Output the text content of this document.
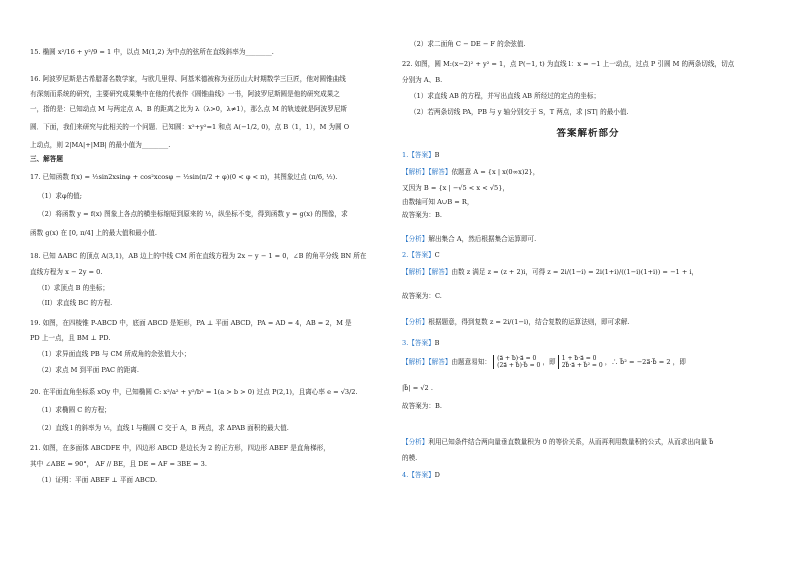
15. 椭圆 x²/16 + y²/9 = 1 中，以点 M(1,2) 为中点的弦所在直线斜率为________.
16. 阿波罗尼斯是古希腊著名数学家，与欧几里得、阿基米德被称为亚历山大时期数学三巨匠，他对圆锥曲线
有深刻而系统的研究，主要研究成果集中在他的代表作《圆锥曲线》一书，阿波罗尼斯圆是他的研究成果之
一，指的是：已知动点 M 与两定点 A、B 的距离之比为 λ（λ>0，λ≠1），那么点 M 的轨迹就是阿波罗尼斯
圆．下面，我们来研究与此相关的一个问题．已知圆：x²+y²=1 和点 A(−1/2, 0)，点 B（1，1），M 为圆 O
上动点，则 2|MA|+|MB| 的最小值为________.
三、解答题
17. 已知函数 f(x) = ½sin2xsinφ + cos²xcosφ − ½sin(π/2 + φ)(0 < φ < π)，其图象过点 (π/6, ½).
（1）求φ的值;
（2）将函数 y = f(x) 图象上各点的横坐标缩短到原来的 ½，纵坐标不变，得到函数 y = g(x) 的图像，求
函数 g(x) 在 [0, π/4] 上的最大值和最小值.
18. 已知 ΔABC 的顶点 A(3,1)，AB 边上的中线 CM 所在直线方程为 2x − y − 1 = 0，∠B 的角平分线 BN 所在
直线方程为 x − 2y = 0.
（I）求顶点 B 的坐标；
（II）求直线 BC 的方程.
19. 如图，在四棱锥 P-ABCD 中，底面 ABCD 是矩形，PA ⊥ 平面 ABCD，PA = AD = 4，AB = 2，M 是
PD 上一点，且 BM ⊥ PD.
（1）求异面直线 PB 与 CM 所成角的余弦值大小；
（2）求点 M 到平面 PAC 的距离.
20. 在平面直角坐标系 xOy 中，已知椭圆 C: x²/a² + y²/b² = 1(a > b > 0) 过点 P(2,1)，且离心率 e = √3/2.
（1）求椭圆 C 的方程；
（2）直线 l 的斜率为 ½，直线 l 与椭圆 C 交于 A，B 两点，求 ΔPAB 面积的最大值.
21. 如图，在多面体 ABCDFE 中，四边形 ABCD 是边长为 2 的正方形，四边形 ABEF 是直角梯形，
其中 ∠ABE = 90°， AF // BE，且 DE = AF = 3BE = 3.
（1）证明：平面 ABEF ⊥ 平面 ABCD.
（2）求二面角 C − DE − F 的余弦值.
22. 如图，圆 M:(x−2)² + y² = 1，点 P(−1, t) 为直线 l：x = −1 上一动点，过点 P 引圆 M 的两条切线，切点
分别为 A、B.
（1）求直线 AB 的方程，并写出直线 AB 所经过的定点的坐标；
（2）若两条切线 PA，PB 与 y 轴分别交于 S，T 两点，求 |ST| 的最小值.
答案解析部分
1.【答案】B
【解析】【解答】依题意 A = {x | x(0∞x)2}，
又因为 B = {x | −√5 < x < √5}，
由数轴可知 A∪B = R，
故答案为：B.
【分析】解出集合 A，然后根据集合运算即可.
2.【答案】C
【解析】【解答】由数 z 满足 z = (z + 2)i，可得 z = 2i/(1−i) = 2i(1+i)/((1−i)(1+i)) = −1 + i，
故答案为：C.
【分析】根据题意，得到复数 z = 2i/(1−i)，结合复数的运算法则，即可求解.
3.【答案】B
【解析】【解答】由题意易知： (a⃗ + b⃗)·a⃗ = 0
(2a⃗ + b⃗)·b⃗ = 0 ，即 1 + b⃗·a⃗ = 0
2b⃗·a⃗ + b⃗² = 0 ，∴ b⃗² = −2a⃗·b⃗ = 2 ，即
|b⃗| = √2 .
故答案为：B.
【分析】利用已知条件结合两向量垂直数量积为 0 的等价关系，从而再利用数量积的公式，从而求出向量 b⃗
的模.
4.【答案】D
